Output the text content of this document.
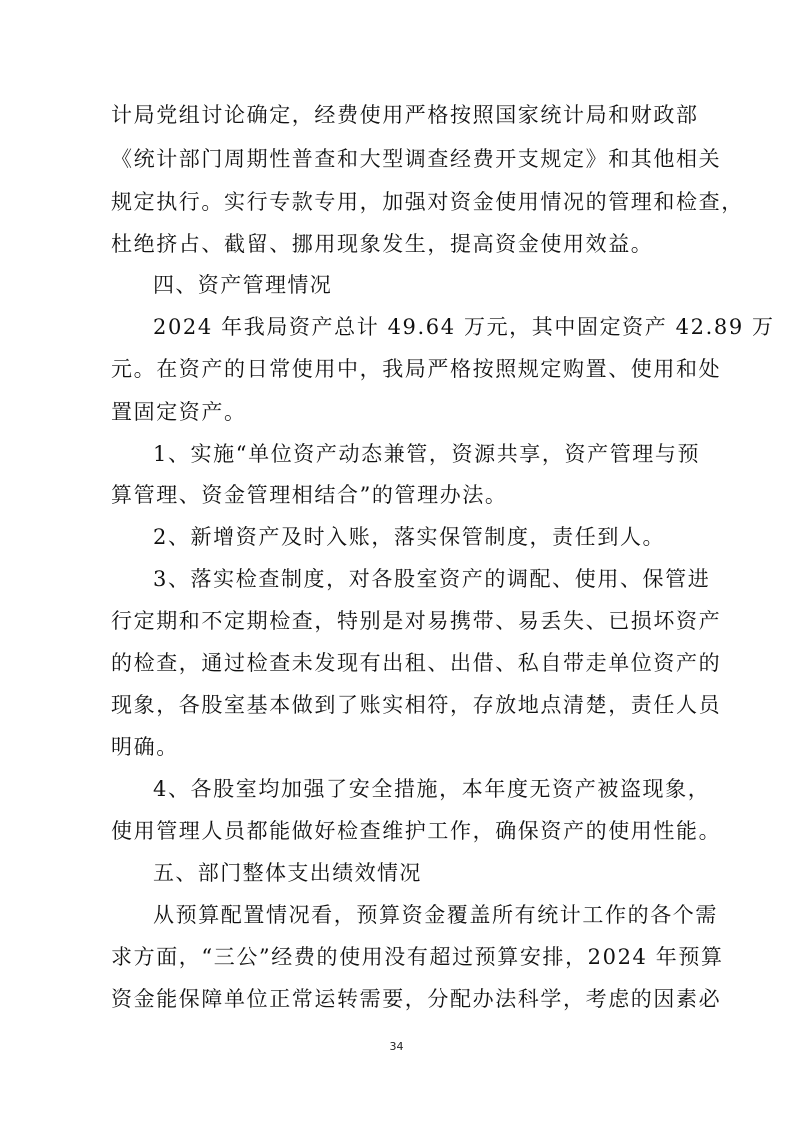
计局党组讨论确定，经费使用严格按照国家统计局和财政部
《统计部门周期性普查和大型调查经费开支规定》和其他相关
规定执行。实行专款专用，加强对资金使用情况的管理和检查，
杜绝挤占、截留、挪用现象发生，提高资金使用效益。
四、资产管理情况
2024 年我局资产总计 49.64 万元，其中固定资产 42.89 万
元。在资产的日常使用中，我局严格按照规定购置、使用和处
置固定资产。
1、实施“单位资产动态兼管，资源共享，资产管理与预
算管理、资金管理相结合”的管理办法。
2、新增资产及时入账，落实保管制度，责任到人。
3、落实检查制度，对各股室资产的调配、使用、保管进
行定期和不定期检查，特别是对易携带、易丢失、已损坏资产
的检查，通过检查未发现有出租、出借、私自带走单位资产的
现象，各股室基本做到了账实相符，存放地点清楚，责任人员
明确。
4、各股室均加强了安全措施，本年度无资产被盗现象，
使用管理人员都能做好检查维护工作，确保资产的使用性能。
五、部门整体支出绩效情况
从预算配置情况看，预算资金覆盖所有统计工作的各个需
求方面，“三公”经费的使用没有超过预算安排，2024 年预算
资金能保障单位正常运转需要，分配办法科学，考虑的因素必
34
